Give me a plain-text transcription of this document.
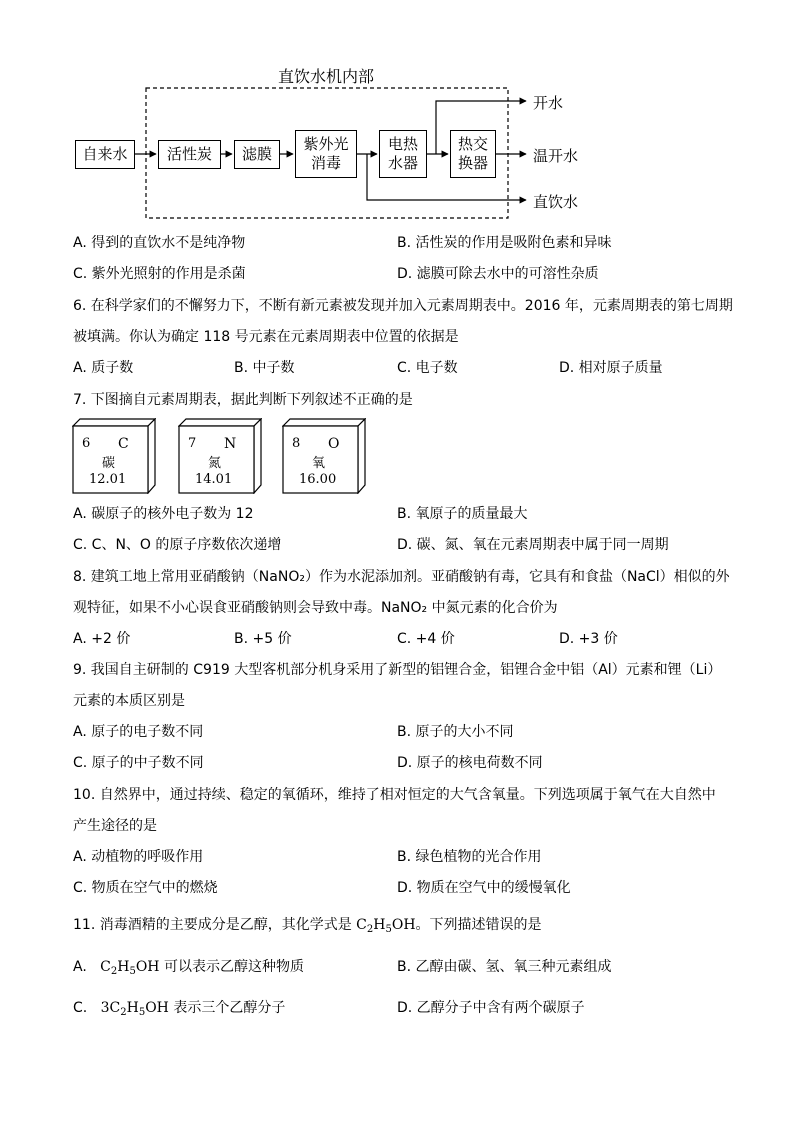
直饮水机内部
自来水	活性炭 滤膜
紫外光
消毒
电热
水器
热交
换器
开水
温开水
直饮水
A. 得到的直饮水不是纯净物	B. 活性炭的作用是吸附色素和异味
C. 紫外光照射的作用是杀菌	D. 滤膜可除去水中的可溶性杂质
6. 在科学家们的不懈努力下，不断有新元素被发现并加入元素周期表中。2016 年，元素周期表的第七周期
被填满。你认为确定 118 号元素在元素周期表中位置的依据是
A. 质子数	B. 中子数	C. 电子数	D. 相对原子质量
7. 下图摘自元素周期表，据此判断下列叙述不正确的是
6 C
碳
12.01
7 N
氮
14.01
8 O
氧
16.00
A. 碳原子的核外电子数为 12	B. 氧原子的质量最大
C. C、N、O 的原子序数依次递增	D. 碳、氮、氧在元素周期表中属于同一周期
8. 建筑工地上常用亚硝酸钠（NaNO₂）作为水泥添加剂。亚硝酸钠有毒，它具有和食盐（NaCl）相似的外
观特征，如果不小心误食亚硝酸钠则会导致中毒。NaNO₂ 中氮元素的化合价为
A. +2 价	B. +5 价	C. +4 价	D. +3 价
9. 我国自主研制的 C919 大型客机部分机身采用了新型的铝锂合金，铝锂合金中铝（Al）元素和锂（Li）
元素的本质区别是
A. 原子的电子数不同	B. 原子的大小不同
C. 原子的中子数不同	D. 原子的核电荷数不同
10. 自然界中，通过持续、稳定的氧循环，维持了相对恒定的大气含氧量。下列选项属于氧气在大自然中
产生途径的是
A. 动植物的呼吸作用	B. 绿色植物的光合作用
C. 物质在空气中的燃烧	D. 物质在空气中的缓慢氧化
11. 消毒酒精的主要成分是乙醇，其化学式是 $C_2H_5OH$。下列描述错误的是
A. $C_2H_5OH$ 可以表示乙醇这种物质	B. 乙醇由碳、氢、氧三种元素组成
C. $3C_2H_5OH$ 表示三个乙醇分子	D. 乙醇分子中含有两个碳原子
